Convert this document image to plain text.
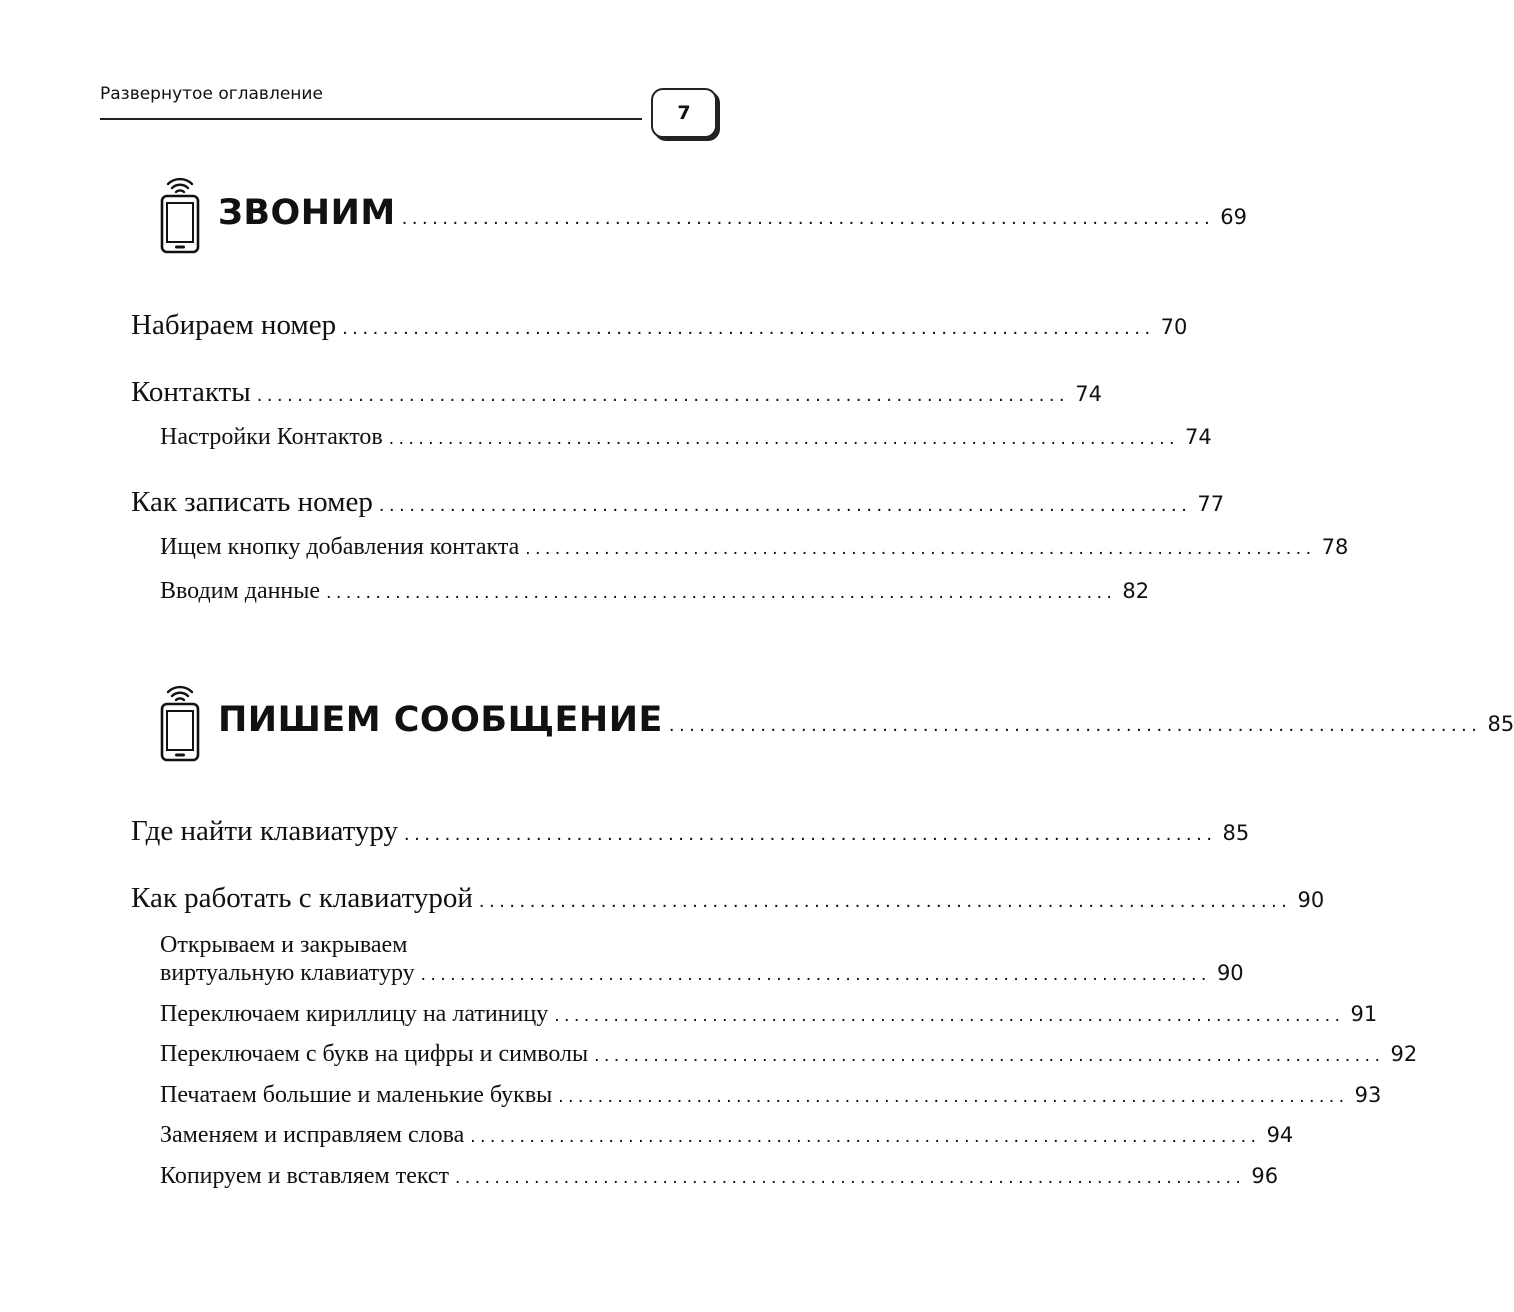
Развернутое оглавление
7
ЗВОНИМ ................................................................................ 69
Набираем номер ................................................................................ 70
Контакты ................................................................................ 74
Настройки Контактов ................................................................................ 74
Как записать номер ................................................................................ 77
Ищем кнопку добавления контакта ................................................................................ 78
Вводим данные ................................................................................ 82
ПИШЕМ СООБЩЕНИЕ ................................................................................ 85
Где найти клавиатуру ................................................................................ 85
Как работать с клавиатурой ................................................................................ 90
Открываем и закрываем
виртуальную клавиатуру ................................................................................ 90
Переключаем кириллицу на латиницу ................................................................................ 91
Переключаем с букв на цифры и символы ................................................................................ 92
Печатаем большие и маленькие буквы ................................................................................ 93
Заменяем и исправляем слова ................................................................................ 94
Копируем и вставляем текст ................................................................................ 96
